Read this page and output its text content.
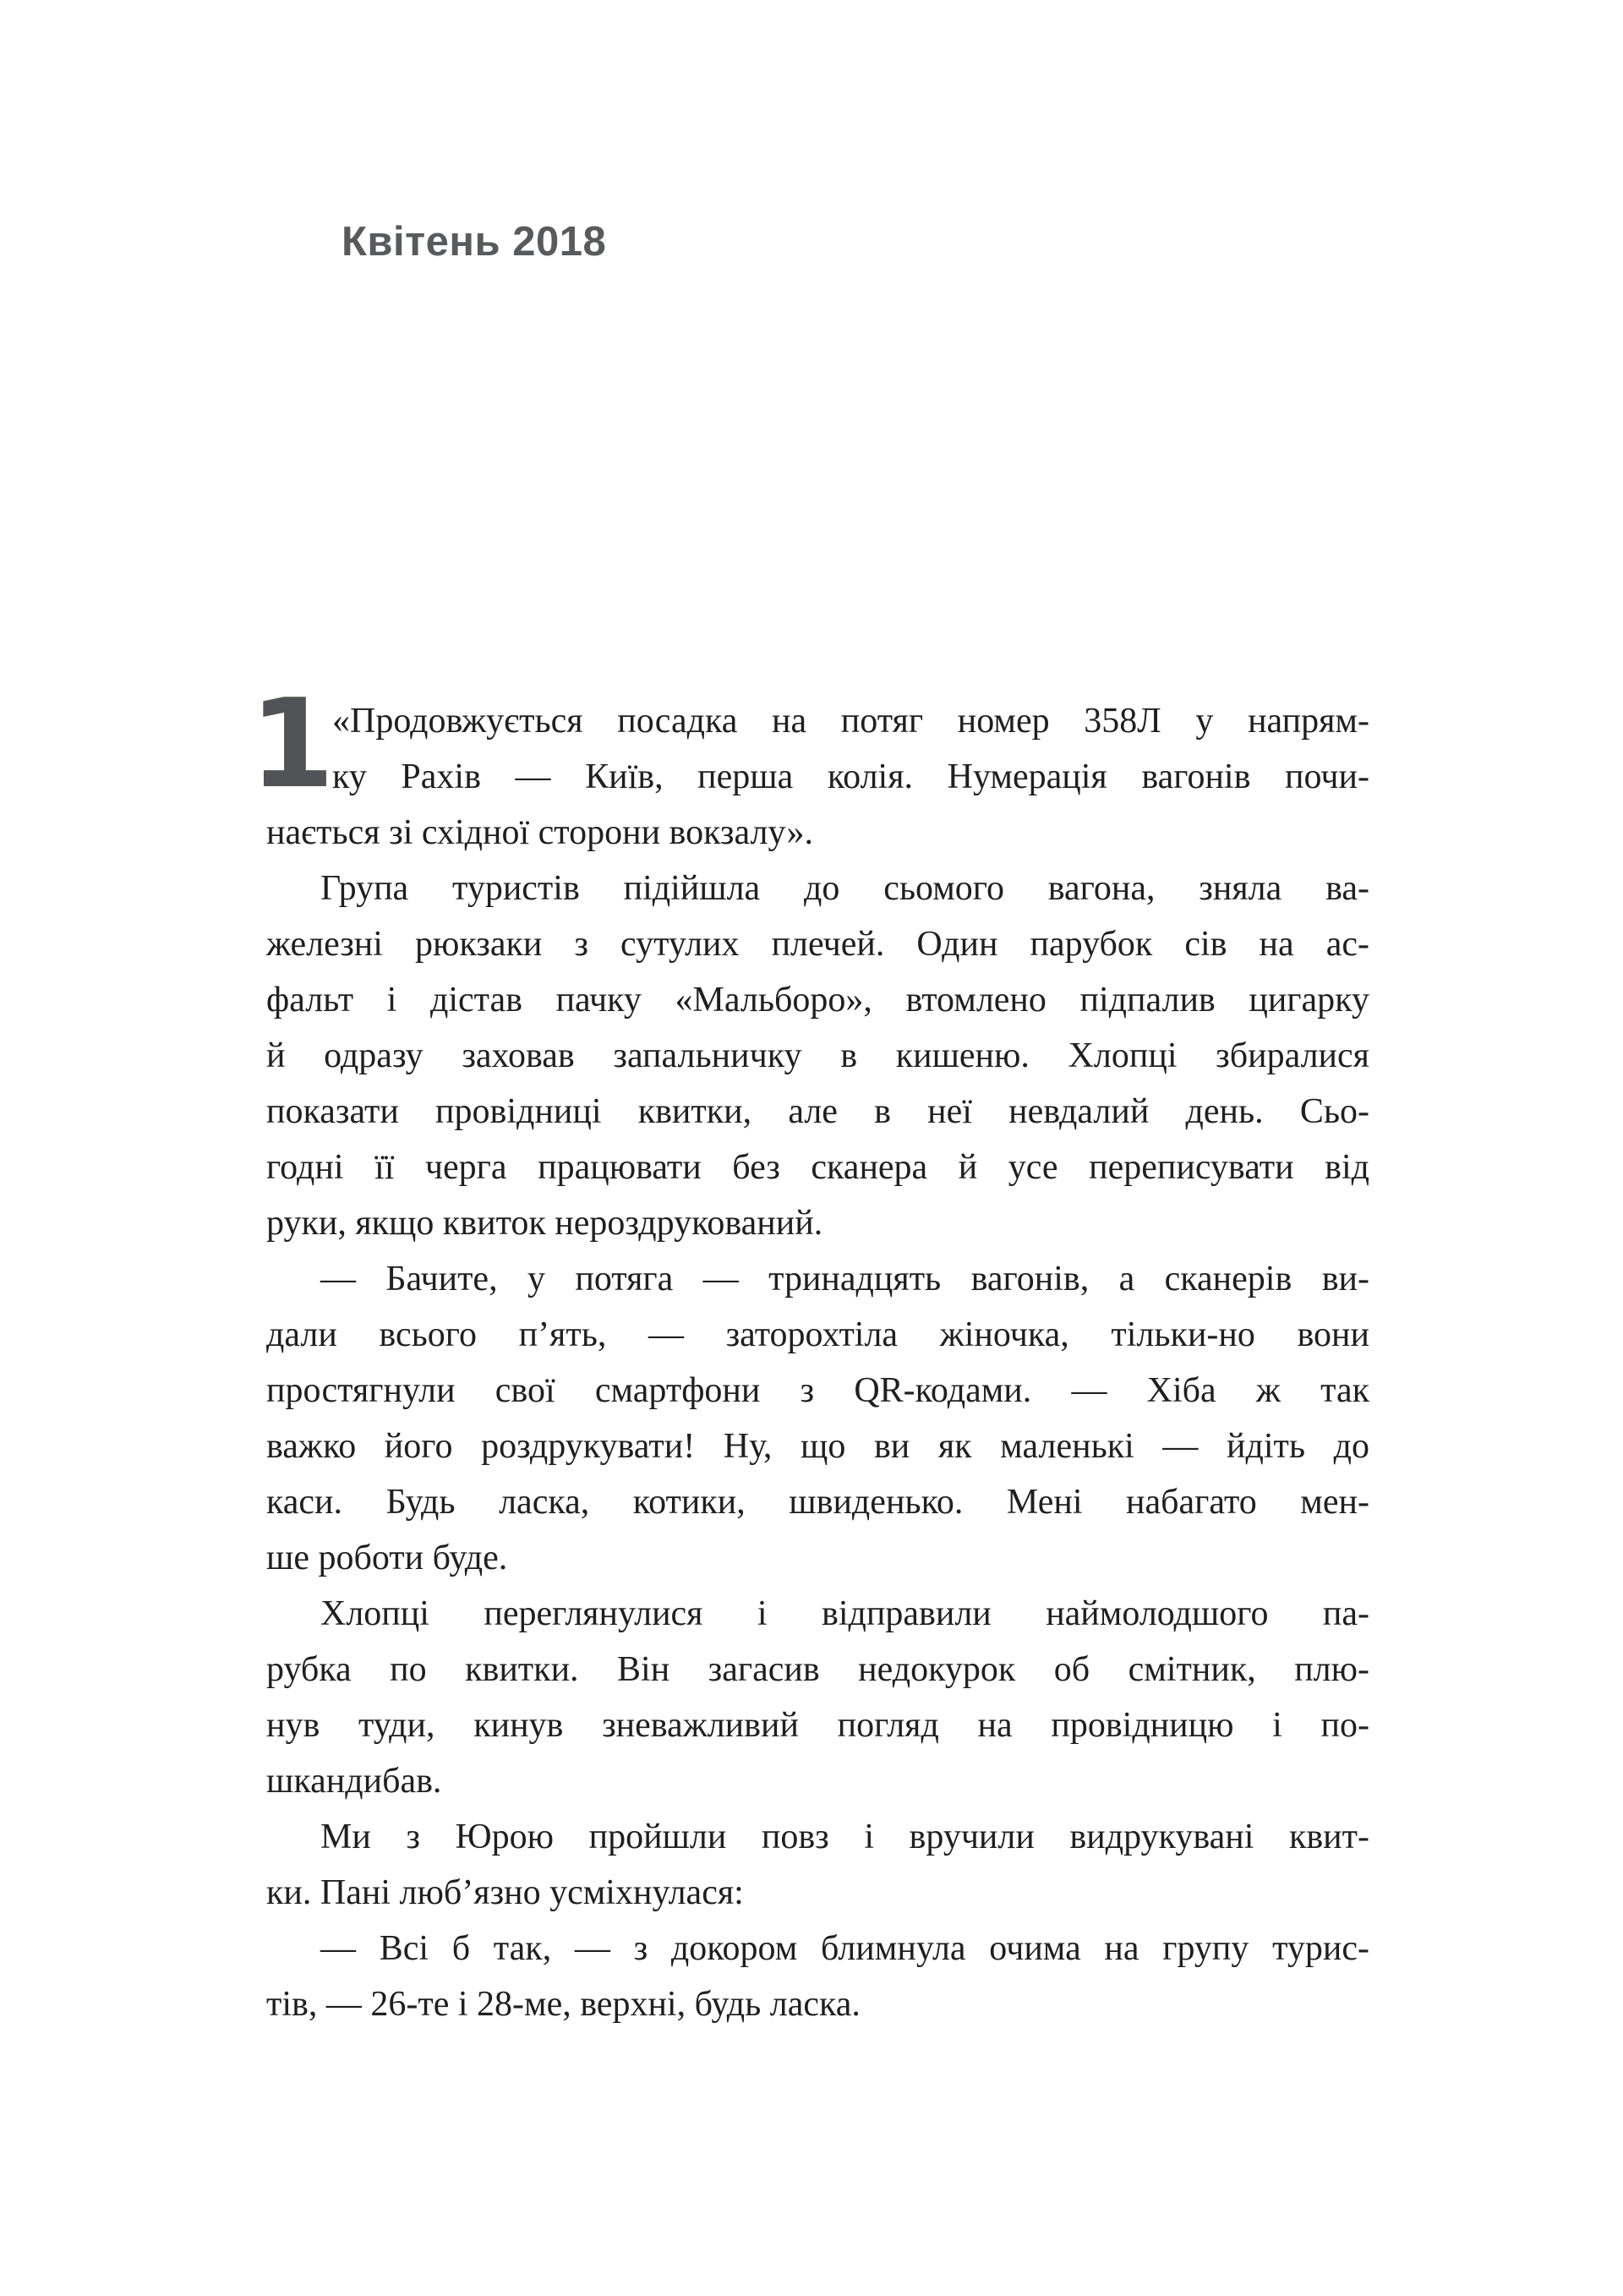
Квітень 2018
1
«Продовжується посадка на потяг номер 358Л у напрям-
ку Рахів — Київ, перша колія. Нумерація вагонів почи-
нається зі східної сторони вокзалу».
Група туристів підійшла до сьомого вагона, зняла ва-
железні рюкзаки з сутулих плечей. Один парубок сів на ас-
фальт і дістав пачку «Мальборо», втомлено підпалив цигарку
й одразу заховав запальничку в кишеню. Хлопці збиралися
показати провідниці квитки, але в неї невдалий день. Сьо-
годні її черга працювати без сканера й усе переписувати від
руки, якщо квиток нероздрукований.
— Бачите, у потяга — тринадцять вагонів, а сканерів ви-
дали всього п’ять, — заторохтіла жіночка, тільки-но вони
простягнули свої смартфони з QR-кодами. — Хіба ж так
важко його роздрукувати! Ну, що ви як маленькі — йдіть до
каси. Будь ласка, котики, швиденько. Мені набагато мен-
ше роботи буде.
Хлопці переглянулися і відправили наймолодшого па-
рубка по квитки. Він загасив недокурок об смітник, плю-
нув туди, кинув зневажливий погляд на провідницю і по-
шкандибав.
Ми з Юрою пройшли повз і вручили видрукувані квит-
ки. Пані люб’язно усміхнулася:
— Всі б так, — з докором блимнула очима на групу турис-
тів, — 26-те і 28-ме, верхні, будь ласка.
